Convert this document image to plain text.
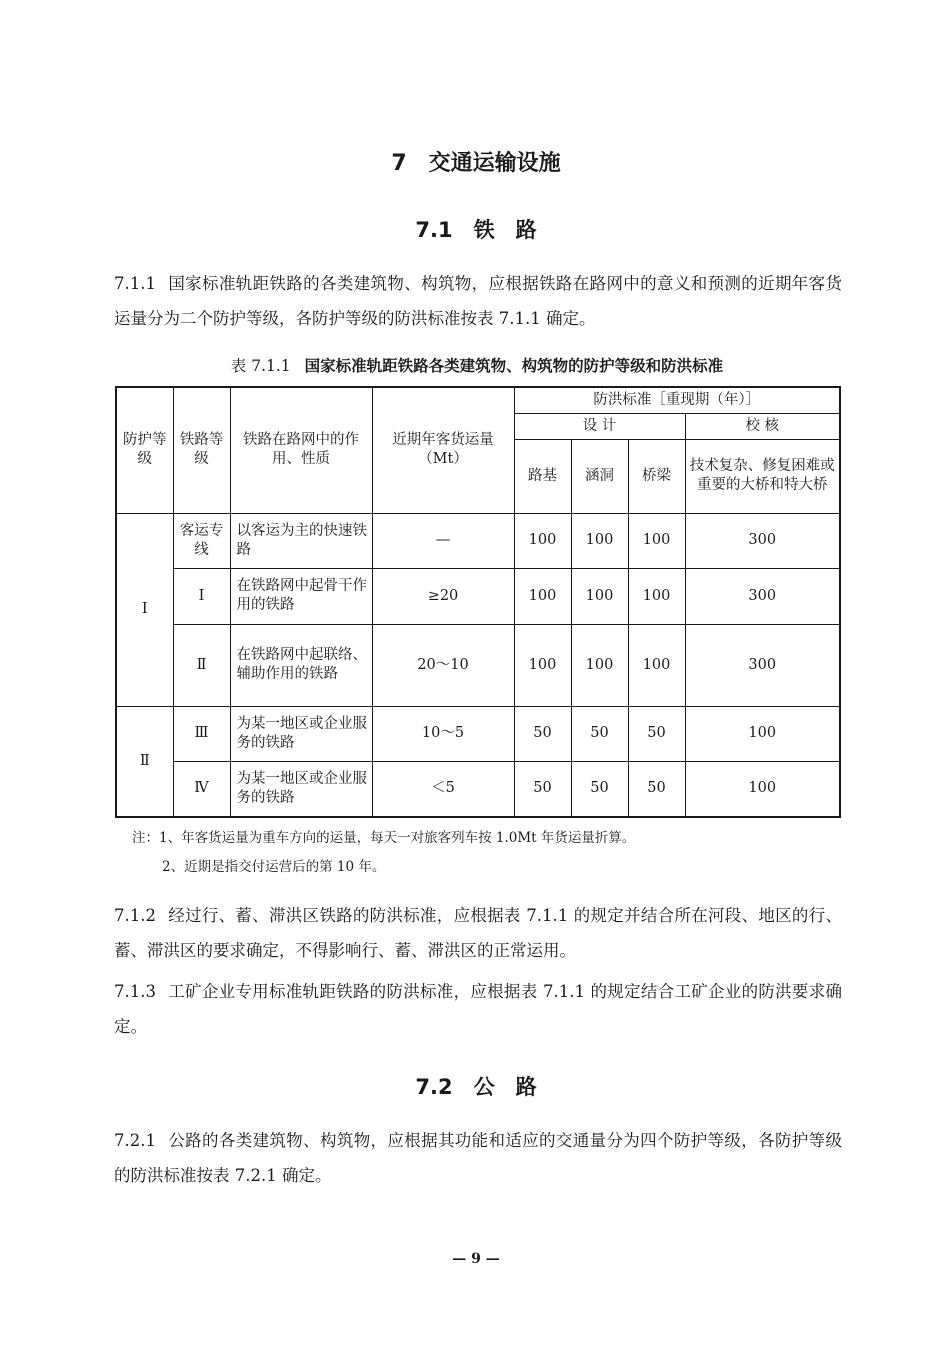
7　交通运输设施
7.1　铁　路
7.1.1 国家标准轨距铁路的各类建筑物、构筑物，应根据铁路在路网中的意义和预测的近期年客货运量分为二个防护等级，各防护等级的防洪标准按表 7.1.1 确定。
表 7.1.1 国家标准轨距铁路各类建筑物、构筑物的防护等级和防洪标准
防护等级	铁路等级	铁路在路网中的作用、性质	近期年客货运量（Mt）	防洪标准［重现期（年）］			
				设 计			校 核
				路基	涵洞	桥梁	技术复杂、修复困难或重要的大桥和特大桥
Ⅰ	客运专线	以客运为主的快速铁路	—	100	100	100	300
	Ⅰ	在铁路网中起骨干作用的铁路	≥20	100	100	100	300
	Ⅱ	在铁路网中起联络、辅助作用的铁路	20～10	100	100	100	300
Ⅱ	Ⅲ	为某一地区或企业服务的铁路	10～5	50	50	50	100
	Ⅳ	为某一地区或企业服务的铁路	＜5	50	50	50	100
注：1、年客货运量为重车方向的运量，每天一对旅客列车按 1.0Mt 年货运量折算。
2、近期是指交付运营后的第 10 年。
7.1.2 经过行、蓄、滞洪区铁路的防洪标准，应根据表 7.1.1 的规定并结合所在河段、地区的行、蓄、滞洪区的要求确定，不得影响行、蓄、滞洪区的正常运用。
7.1.3 工矿企业专用标准轨距铁路的防洪标准，应根据表 7.1.1 的规定结合工矿企业的防洪要求确定。
7.2　公　路
7.2.1 公路的各类建筑物、构筑物，应根据其功能和适应的交通量分为四个防护等级，各防护等级的防洪标准按表 7.2.1 确定。
— 9 —
